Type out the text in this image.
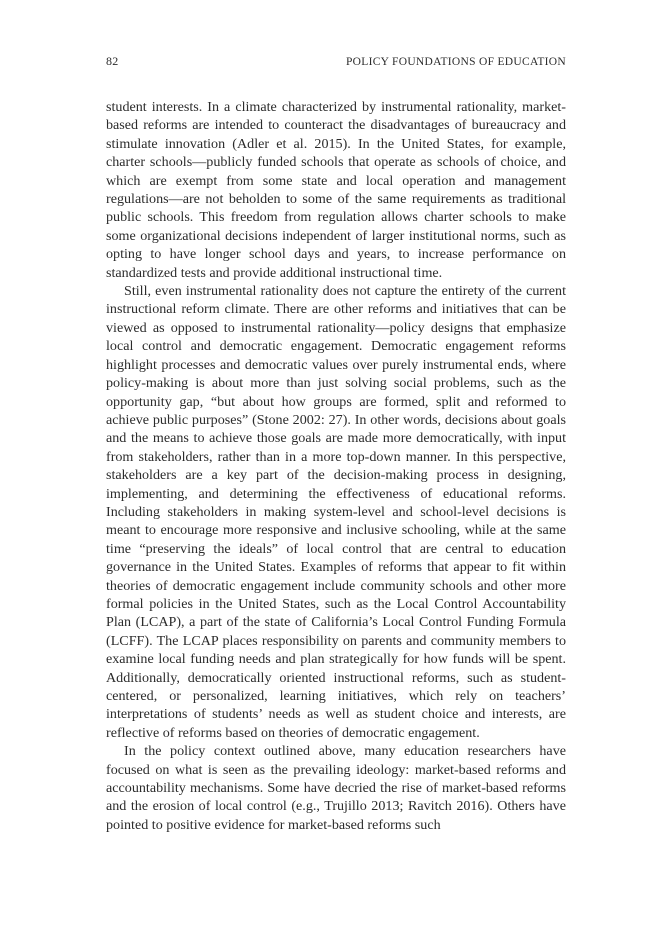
82	POLICY FOUNDATIONS OF EDUCATION

student interests. In a climate characterized by instrumental rationality, market-based reforms are intended to counteract the disadvantages of bureaucracy and stimulate innovation (Adler et al. 2015). In the United States, for example, charter schools—publicly funded schools that operate as schools of choice, and which are exempt from some state and local operation and management regulations—are not beholden to some of the same requirements as traditional public schools. This freedom from regulation allows charter schools to make some organizational decisions independent of larger institutional norms, such as opting to have longer school days and years, to increase performance on standardized tests and provide additional instructional time.

Still, even instrumental rationality does not capture the entirety of the current instructional reform climate. There are other reforms and initiatives that can be viewed as opposed to instrumental rationality—policy designs that emphasize local control and democratic engagement. Democratic engagement reforms highlight processes and democratic values over purely instrumental ends, where policy-making is about more than just solving social problems, such as the opportunity gap, “but about how groups are formed, split and reformed to achieve public purposes” (Stone 2002: 27). In other words, decisions about goals and the means to achieve those goals are made more democratically, with input from stakeholders, rather than in a more top-down manner. In this perspective, stakeholders are a key part of the decision-making process in designing, implementing, and determining the effectiveness of educational reforms. Including stakeholders in making system-level and school-level decisions is meant to encourage more responsive and inclusive schooling, while at the same time “preserving the ideals” of local control that are central to education governance in the United States. Examples of reforms that appear to fit within theories of democratic engagement include community schools and other more formal policies in the United States, such as the Local Control Accountability Plan (LCAP), a part of the state of California’s Local Control Funding Formula (LCFF). The LCAP places responsibility on parents and community members to examine local funding needs and plan strategically for how funds will be spent. Additionally, democratically oriented instructional reforms, such as student-centered, or personalized, learning initiatives, which rely on teachers’ interpretations of students’ needs as well as student choice and interests, are reflective of reforms based on theories of democratic engagement.

In the policy context outlined above, many education researchers have focused on what is seen as the prevailing ideology: market-based reforms and accountability mechanisms. Some have decried the rise of market-based reforms and the erosion of local control (e.g., Trujillo 2013; Ravitch 2016). Others have pointed to positive evidence for market-based reforms such
